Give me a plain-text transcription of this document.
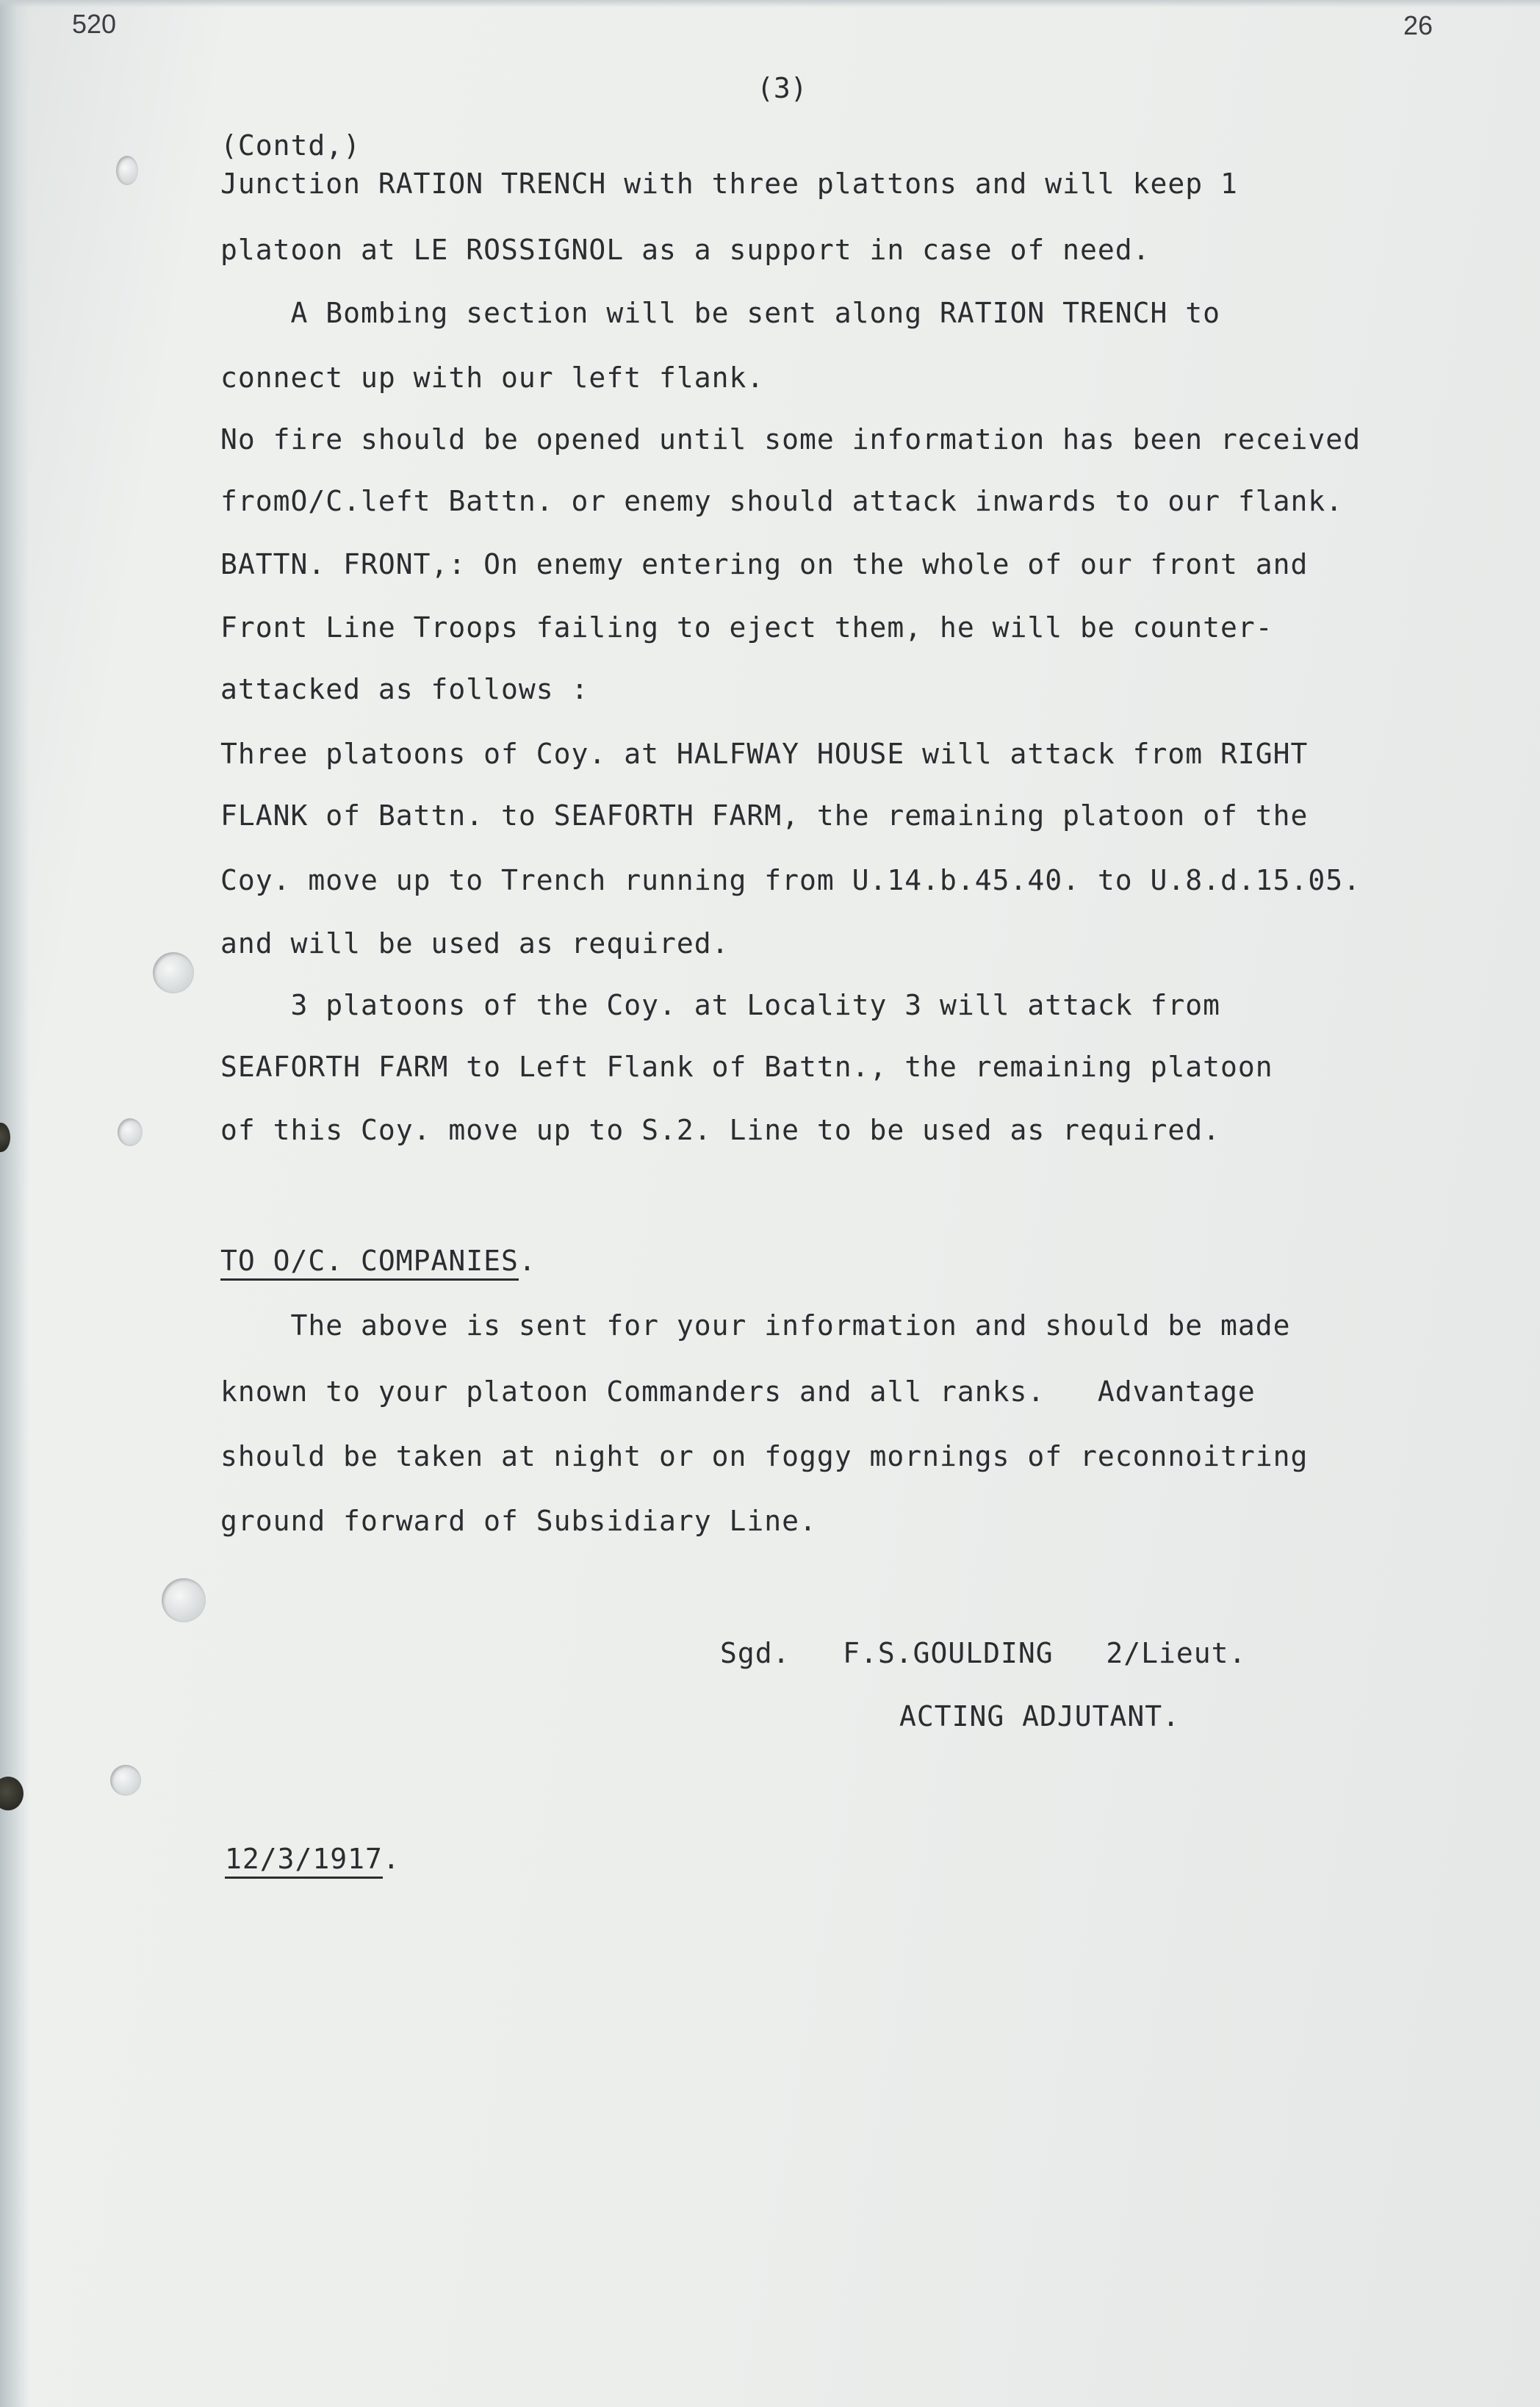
520	26
(3)
(Contd,)
Junction RATION TRENCH with three plattons and will keep 1
platoon at LE ROSSIGNOL as a support in case of need.
A Bombing section will be sent along RATION TRENCH to
connect up with our left flank.
No fire should be opened until some information has been received
fromO/C.left Battn. or enemy should attack inwards to our flank.
BATTN. FRONT,: On enemy entering on the whole of our front and
Front Line Troops failing to eject them, he will be counter-
attacked as follows :
Three platoons of Coy. at HALFWAY HOUSE will attack from RIGHT
FLANK of Battn. to SEAFORTH FARM, the remaining platoon of the
Coy. move up to Trench running from U.14.b.45.40. to U.8.d.15.05.
and will be used as required.
3 platoons of the Coy. at Locality 3 will attack from
SEAFORTH FARM to Left Flank of Battn., the remaining platoon
of this Coy. move up to S.2. Line to be used as required.
TO O/C. COMPANIES.
The above is sent for your information and should be made
known to your platoon Commanders and all ranks.   Advantage
should be taken at night or on foggy mornings of reconnoitring
ground forward of Subsidiary Line.
Sgd.   F.S.GOULDING   2/Lieut.
ACTING ADJUTANT.
12/3/1917.
